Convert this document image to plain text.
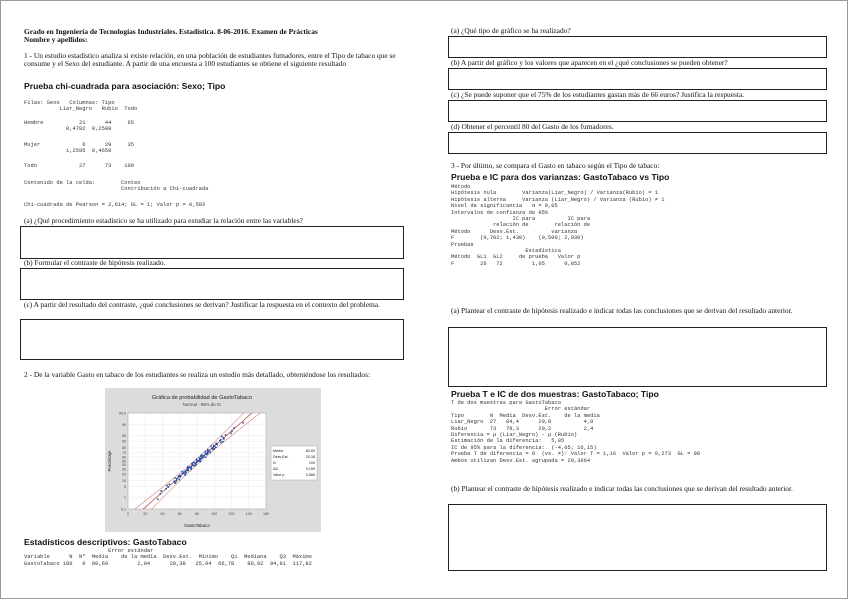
Grado en Ingeniería de Tecnologías Industriales. Estadística. 8-06-2016. Examen de Prácticas
Nombre y apellidos:
1 - Un estudio estadístico analiza si existe relación, en una población de estudiantes fumadores, entre el Tipo de tabaco que se consume y el Sexo del estudiante. A partir de una encuesta a 100 estudiantes se obtiene el siguiente resultado
Prueba chi-cuadrada para asociación: Sexo; Tipo
Filas: Sexo   Columnas: Tipo
Liar_Negro   Rubio  Todo
Hombre           21      44     65
0,4782  0,2508
Mujer             6      29     35
1,2595  0,4659
Todo             27      73    100
Contenido de la celda:        Conteo
Contribución a Chi-cuadrada
Chi-cuadrada de Pearson = 2,614; GL = 1; Valor p = 0,503
(a) ¿Qué procedimiento estadístico se ha utilizado para estudiar la relación entre las variables?
(b) Formular el contraste de hipótesis realizado.
(c) A partir del resultado del contraste, ¿qué conclusiones se derivan? Justificar la respuesta en el contexto del problema.
2 - De la variable Gasto en tabaco de los estudiantes se realiza un estudio más detallado, obteniéndose los resultados:
Gráfica de probabilidad de GastoTabaco
Normal - 95% de IC
0,1
1
5
10
20
30
40
50
60
70
80
90
95
99
99,9
0	20	40	60	80	100	120	140	160
GastoTabaco
Porcentaje	Media	80,69
Desv.Est.	20,38
N	100
AD	0,199
Valor p	0,886
Estadísticos descriptivos: GastoTabaco
Error estándar
Variable      N  N*  Media    de la media  Desv.Est.  Mínimo    Q1  Mediana    Q3  Máximo
GastoTabaco 100   0  80,69         2,04      20,38   25,04  66,78    80,92  94,81  117,82
(a) ¿Qué tipo de gráfico se ha realizado?
(b) A partir del gráfico y los valores que aparecen en el ¿qué conclusiones se pueden obtener?
(c) ¿Se puede suponer que el 75% de los estudiantes gastan más de 66 euros? Justifica la respuesta.
(d) Obtener el percentil 80 del Gasto de los fumadores.
3 - Por último, se compara el Gasto en tabaco según el Tipo de tabaco:
Prueba e IC para dos varianzas: GastoTabaco vs Tipo
Método
Hipótesis nula        Varianza(Liar_Negro) / Varianza(Rubio) = 1
Hipótesis alterna     Varianza (Liar_Negro) / Varianza (Rubio) ≠ 1
Nivel de significancia   α = 0,05
Intervalos de confianza de 95%
IC para          IC para
relación de        relación de
Método      Desv.Est.          varianza
F        (0,702; 1,430)    (0,500; 2,030)
Pruebas
Estadística
Método  GL1  GL2     de prueba   Valor p
F        26   72         1,05      0,852
(a) Plantear el contraste de hipótesis realizado e indicar todas las conclusiones que se derivan del resultado anterior.
Prueba T e IC de dos muestras: GastoTabaco; Tipo
T de dos muestras para GastoTabaco
Error estándar
Tipo        N  Media  Desv.Est.    de la media
Liar_Negro  27   84,4      20,8          4,0
Rubio       73   79,3      20,2          2,4
Diferencia = μ (Liar_Negro) - μ (Rubio)
Estimación de la diferencia:   5,05
IC de 95% para la diferencia:  (-4,05; 16,15)
Prueba T de diferencia = 0  (vs. ≠): Valor T = 1,16  Valor p = 0,273  GL = 98
Ambos utilizan Desv.Est. agrupada = 20,3664
(b) Plantear el contraste de hipótesis realizado e indicar todas las conclusiones que se derivan del resultado anterior.
